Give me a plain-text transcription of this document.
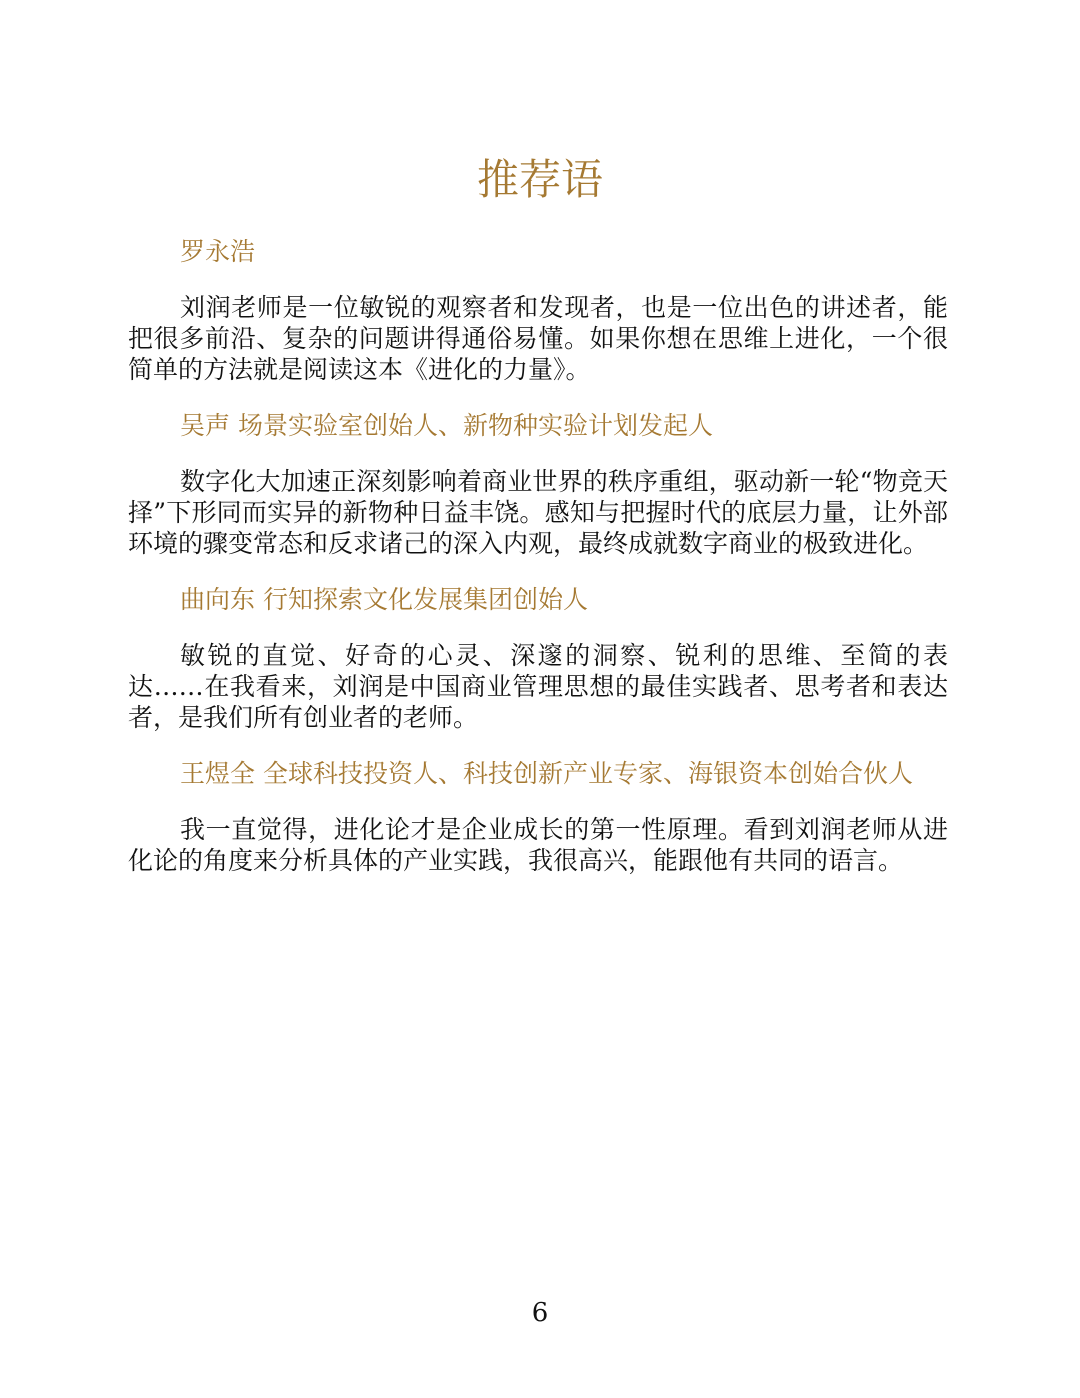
推荐语

罗永浩

刘润老师是一位敏锐的观察者和发现者，也是一位出色的讲述者，能把很多前沿、复杂的问题讲得通俗易懂。如果你想在思维上进化，一个很简单的方法就是阅读这本《进化的力量》。

吴声 场景实验室创始人、新物种实验计划发起人

数字化大加速正深刻影响着商业世界的秩序重组，驱动新一轮“物竞天择”下形同而实异的新物种日益丰饶。感知与把握时代的底层力量，让外部环境的骤变常态和反求诸己的深入内观，最终成就数字商业的极致进化。

曲向东 行知探索文化发展集团创始人

敏锐的直觉、好奇的心灵、深邃的洞察、锐利的思维、至简的表达……在我看来，刘润是中国商业管理思想的最佳实践者、思考者和表达者，是我们所有创业者的老师。

王煜全 全球科技投资人、科技创新产业专家、海银资本创始合伙人

我一直觉得，进化论才是企业成长的第一性原理。看到刘润老师从进化论的角度来分析具体的产业实践，我很高兴，能跟他有共同的语言。

6
